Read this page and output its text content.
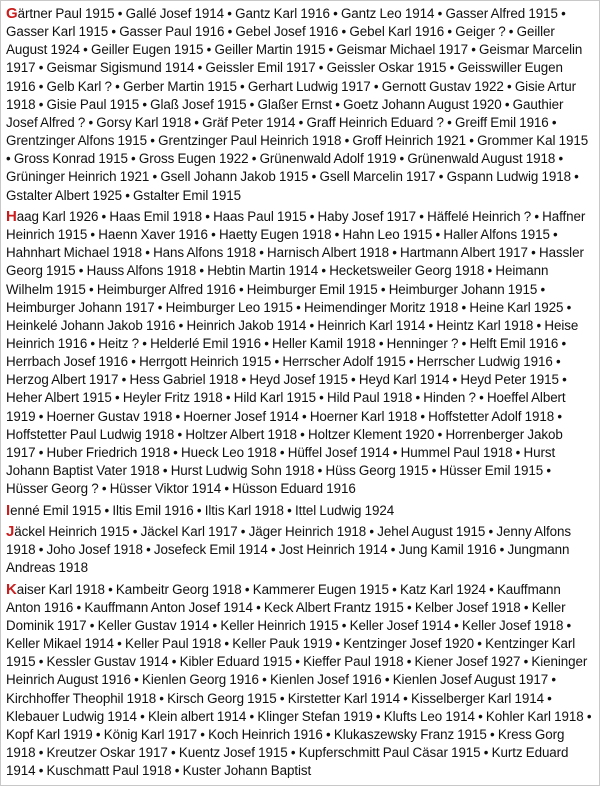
Gärtner Paul 1915 • Gallé Josef 1914 • Gantz Karl 1916 • Gantz Leo 1914 • Gasser Alfred 1915 • Gasser Karl 1915 • Gasser Paul 1916 • Gebel Josef 1916 • Gebel Karl 1916 • Geiger ? • Geiller August 1924 • Geiller Eugen 1915 • Geiller Martin 1915 • Geismar Michael 1917 • Geismar Marcelin 1917 • Geismar Sigismund 1914 • Geissler Emil 1917 • Geissler Oskar 1915 • Geisswiller Eugen 1916 • Gelb Karl ? • Gerber Martin 1915 • Gerhart Ludwig 1917 • Gernott Gustav 1922 • Gisie Artur 1918 • Gisie Paul 1915 • Glaß Josef 1915 • Glaßer Ernst • Goetz Johann August 1920 • Gauthier Josef Alfred ? • Gorsy Karl 1918 • Gräf Peter 1914 • Graff Heinrich Eduard ? • Greiff Emil 1916 • Grentzinger Alfons 1915 • Grentzinger Paul Heinrich 1918 • Groff Heinrich 1921 • Grommer Kal 1915 • Gross Konrad 1915 • Gross Eugen 1922 • Grünenwald Adolf 1919 • Grünenwald August 1918 • Grüninger Heinrich 1921 • Gsell Johann Jakob 1915 • Gsell Marcelin 1917 • Gspann Ludwig 1918 • Gstalter Albert 1925 • Gstalter Emil 1915

Haag Karl 1926 • Haas Emil 1918 • Haas Paul 1915 • Haby Josef 1917 • Häffelé Heinrich ? • Haffner Heinrich 1915 • Haenn Xaver 1916 • Haetty Eugen 1918 • Hahn Leo 1915 • Haller Alfons 1915 • Hahnhart Michael 1918 • Hans Alfons 1918 • Harnisch Albert 1918 • Hartmann Albert 1917 • Hassler Georg 1915 • Hauss Alfons 1918 • Hebtin Martin 1914 • Hecketsweiler Georg 1918 • Heimann Wilhelm 1915 • Heimburger Alfred 1916 • Heimburger Emil 1915 • Heimburger Johann 1915 • Heimburger Johann 1917 • Heimburger Leo 1915 • Heimendinger Moritz 1918 • Heine Karl 1925 • Heinkelé Johann Jakob 1916 • Heinrich Jakob 1914 • Heinrich Karl 1914 • Heintz Karl 1918 • Heise Heinrich 1916 • Heitz ? • Helderlé Emil 1916 • Heller Kamil 1918 • Henninger ? • Helft Emil 1916 • Herrbach Josef 1916 • Herrgott Heinrich 1915 • Herrscher Adolf 1915 • Herrscher Ludwig 1916 • Herzog Albert 1917 • Hess Gabriel 1918 • Heyd Josef 1915 • Heyd Karl 1914 • Heyd Peter 1915 • Heher Albert 1915 • Heyler Fritz 1918 • Hild Karl 1915 • Hild Paul 1918 • Hinden ? • Hoeffel Albert 1919 • Hoerner Gustav 1918 • Hoerner Josef 1914 • Hoerner Karl 1918 • Hoffstetter Adolf 1918 • Hoffstetter Paul Ludwig 1918 • Holtzer Albert 1918 • Holtzer Klement 1920 • Horrenberger Jakob 1917 • Huber Friedrich 1918 • Hueck Leo 1918 • Hüffel Josef 1914 • Hummel Paul 1918 • Hurst Johann Baptist Vater 1918 • Hurst Ludwig Sohn 1918 • Hüss Georg 1915 • Hüsser Emil 1915 • Hüsser Georg ? • Hüsser Viktor 1914 • Hüsson Eduard 1916

Ienné Emil 1915 • Iltis Emil 1916 • Iltis Karl 1918 • Ittel Ludwig 1924

Jäckel Heinrich 1915 • Jäckel Karl 1917 • Jäger Heinrich 1918 • Jehel August 1915 • Jenny Alfons 1918 • Joho Josef 1918 • Josefeck Emil 1914 • Jost Heinrich 1914 • Jung Kamil 1916 • Jungmann Andreas 1918

Kaiser Karl 1918 • Kambeitr Georg 1918 • Kammerer Eugen 1915 • Katz Karl 1924 • Kauffmann Anton 1916 • Kauffmann Anton Josef 1914 • Keck Albert Frantz 1915 • Kelber Josef 1918 • Keller Dominik 1917 • Keller Gustav 1914 • Keller Heinrich 1915 • Keller Josef 1914 • Keller Josef 1918 • Keller Mikael 1914 • Keller Paul 1918 • Keller Pauk 1919 • Kentzinger Josef 1920 • Kentzinger Karl 1915 • Kessler Gustav 1914 • Kibler Eduard 1915 • Kieffer Paul 1918 • Kiener Josef 1927 • Kieninger Heinrich August 1916 • Kienlen Georg 1916 • Kienlen Josef 1916 • Kienlen Josef August 1917 • Kirchhoffer Theophil 1918 • Kirsch Georg 1915 • Kirstetter Karl 1914 • Kisselberger Karl 1914 • Klebauer Ludwig 1914 • Klein albert 1914 • Klinger Stefan 1919 • Klufts Leo 1914 • Kohler Karl 1918 • Kopf Karl 1919 • König Karl 1917 • Koch Heinrich 1916 • Klukaszewsky Franz 1915 • Kress Gorg 1918 • Kreutzer Oskar 1917 • Kuentz Josef 1915 • Kupferschmitt Paul Cäsar 1915 • Kurtz Eduard 1914 • Kuschmatt Paul 1918 • Kuster Johann Baptist
